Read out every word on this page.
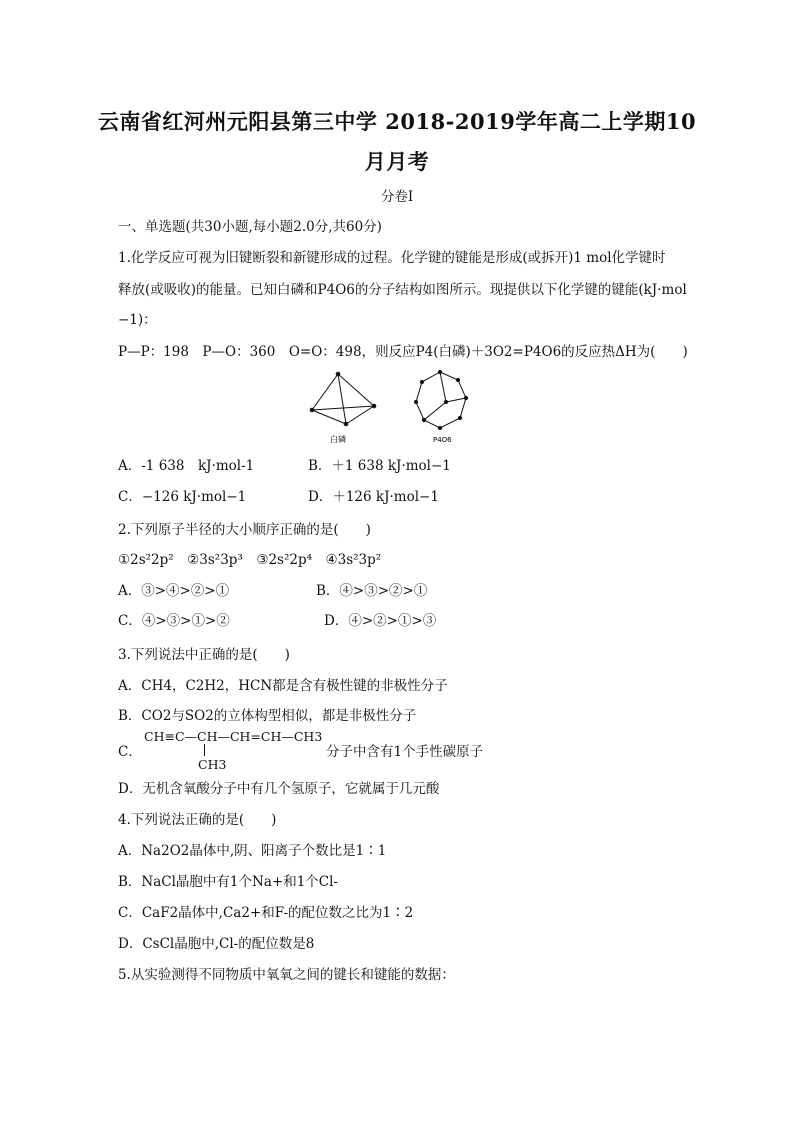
云南省红河州元阳县第三中学 2018-2019学年高二上学期10
月月考
分卷I
一、单选题(共30小题,每小题2.0分,共60分)
1.化学反应可视为旧键断裂和新键形成的过程。化学键的键能是形成(或拆开)1 mol化学键时
释放(或吸收)的能量。已知白磷和P4O6的分子结构如图所示。现提供以下化学键的键能(kJ·mol
−1)：
P—P：198　P—O：360　O=O：498，则反应P4(白磷)＋3O2=P4O6的反应热ΔH为(　　)
白磷	P4O6
A．-1 638　kJ·mol-1	B．＋1 638 kJ·mol−1
C．−126 kJ·mol−1	D．＋126 kJ·mol−1
2.下列原子半径的大小顺序正确的是(　　)
①2s²2p²　②3s²3p³　③2s²2p⁴　④3s²3p²
A．③>④>②>①	B．④>③>②>①
C．④>③>①>②	D．④>②>①>③
3.下列说法中正确的是(　　)
A．CH4，C2H2，HCN都是含有极性键的非极性分子
B．CO2与SO2的立体构型相似，都是非极性分子
C．
CH≡C—CH—CH=CH—CH3
CH3
分子中含有1个手性碳原子
D．无机含氧酸分子中有几个氢原子，它就属于几元酸
4.下列说法正确的是(　　)
A．Na2O2晶体中,阴、阳离子个数比是1∶1
B．NaCl晶胞中有1个Na+和1个Cl-
C．CaF2晶体中,Ca2+和F-的配位数之比为1∶2
D．CsCl晶胞中,Cl-的配位数是8
5.从实验测得不同物质中氧氧之间的键长和键能的数据：
